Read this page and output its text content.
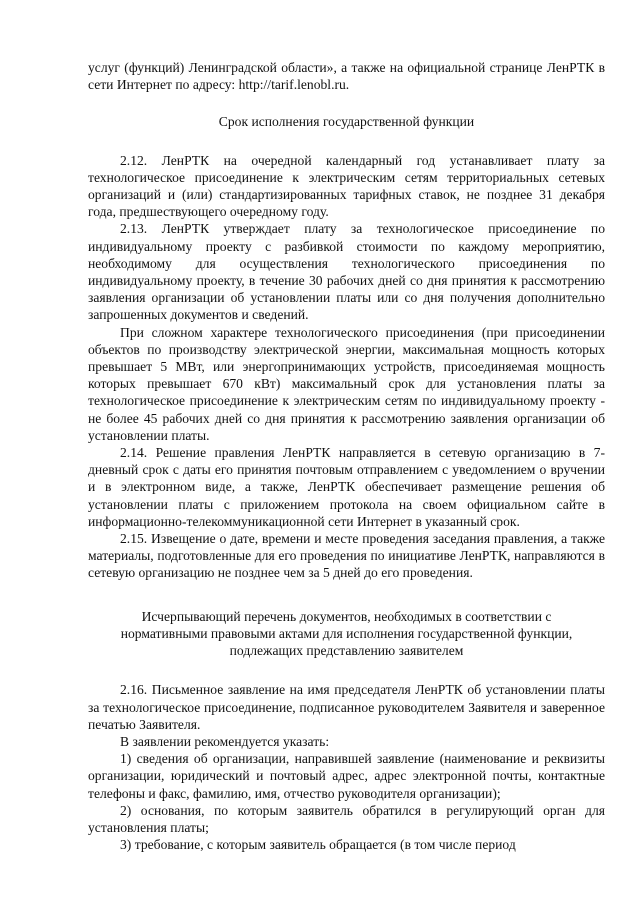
услуг (функций) Ленинградской области», а также на официальной странице ЛенРТК в сети Интернет по адресу: http://tarif.lenobl.ru.

Срок исполнения государственной функции

2.12. ЛенРТК на очередной календарный год устанавливает плату за технологическое присоединение к электрическим сетям территориальных сетевых организаций и (или) стандартизированных тарифных ставок, не позднее 31 декабря года, предшествующего очередному году.

2.13. ЛенРТК утверждает плату за технологическое присоединение по индивидуальному проекту с разбивкой стоимости по каждому мероприятию, необходимому для осуществления технологического присоединения по индивидуальному проекту, в течение 30 рабочих дней со дня принятия к рассмотрению заявления организации об установлении платы или со дня получения дополнительно запрошенных документов и сведений.

При сложном характере технологического присоединения (при присоединении объектов по производству электрической энергии, максимальная мощность которых превышает 5 МВт, или энергопринимающих устройств, присоединяемая мощность которых превышает 670 кВт) максимальный срок для установления платы за технологическое присоединение к электрическим сетям по индивидуальному проекту - не более 45 рабочих дней со дня принятия к рассмотрению заявления организации об установлении платы.

2.14. Решение правления ЛенРТК направляется в сетевую организацию в 7-дневный срок с даты его принятия почтовым отправлением с уведомлением о вручении и в электронном виде, а также, ЛенРТК обеспечивает размещение решения об установлении платы с приложением протокола на своем официальном сайте в информационно-телекоммуникационной сети Интернет в указанный срок.

2.15. Извещение о дате, времени и месте проведения заседания правления, а также материалы, подготовленные для его проведения по инициативе ЛенРТК, направляются в сетевую организацию не позднее чем за 5 дней до его проведения.

Исчерпывающий перечень документов, необходимых в соответствии с
нормативными правовыми актами для исполнения государственной функции,
подлежащих представлению заявителем

2.16. Письменное заявление на имя председателя ЛенРТК об установлении платы за технологическое присоединение, подписанное руководителем Заявителя и заверенное печатью Заявителя.

В заявлении рекомендуется указать:

1) сведения об организации, направившей заявление (наименование и реквизиты организации, юридический и почтовый адрес, адрес электронной почты, контактные телефоны и факс, фамилию, имя, отчество руководителя организации);

2) основания, по которым заявитель обратился в регулирующий орган для установления платы;

3) требование, с которым заявитель обращается (в том числе период
